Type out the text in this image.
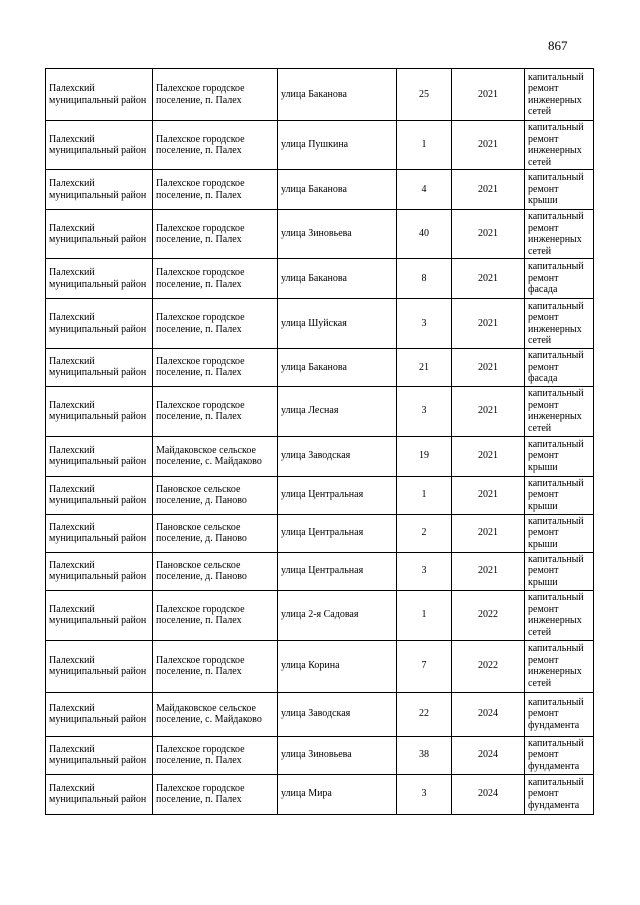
867
Палехский муниципальный район	Палехское городское поселение, п. Палех	улица Баканова	25	2021	капитальный ремонт инженерных сетей
Палехский муниципальный район	Палехское городское поселение, п. Палех	улица Пушкина	1	2021	капитальный ремонт инженерных сетей
Палехский муниципальный район	Палехское городское поселение, п. Палех	улица Баканова	4	2021	капитальный ремонт крыши
Палехский муниципальный район	Палехское городское поселение, п. Палех	улица Зиновьева	40	2021	капитальный ремонт инженерных сетей
Палехский муниципальный район	Палехское городское поселение, п. Палех	улица Баканова	8	2021	капитальный ремонт фасада
Палехский муниципальный район	Палехское городское поселение, п. Палех	улица Шуйская	3	2021	капитальный ремонт инженерных сетей
Палехский муниципальный район	Палехское городское поселение, п. Палех	улица Баканова	21	2021	капитальный ремонт фасада
Палехский муниципальный район	Палехское городское поселение, п. Палех	улица Лесная	3	2021	капитальный ремонт инженерных сетей
Палехский муниципальный район	Майдаковское сельское поселение, с. Майдаково	улица Заводская	19	2021	капитальный ремонт крыши
Палехский муниципальный район	Пановское сельское поселение, д. Паново	улица Центральная	1	2021	капитальный ремонт крыши
Палехский муниципальный район	Пановское сельское поселение, д. Паново	улица Центральная	2	2021	капитальный ремонт крыши
Палехский муниципальный район	Пановское сельское поселение, д. Паново	улица Центральная	3	2021	капитальный ремонт крыши
Палехский муниципальный район	Палехское городское поселение, п. Палех	улица 2-я Садовая	1	2022	капитальный ремонт инженерных сетей
Палехский муниципальный район	Палехское городское поселение, п. Палех	улица Корина	7	2022	капитальный ремонт инженерных сетей
Палехский муниципальный район	Майдаковское сельское поселение, с. Майдаково	улица Заводская	22	2024	капитальный ремонт фундамента
Палехский муниципальный район	Палехское городское поселение, п. Палех	улица Зиновьева	38	2024	капитальный ремонт фундамента
Палехский муниципальный район	Палехское городское поселение, п. Палех	улица Мира	3	2024	капитальный ремонт фундамента
